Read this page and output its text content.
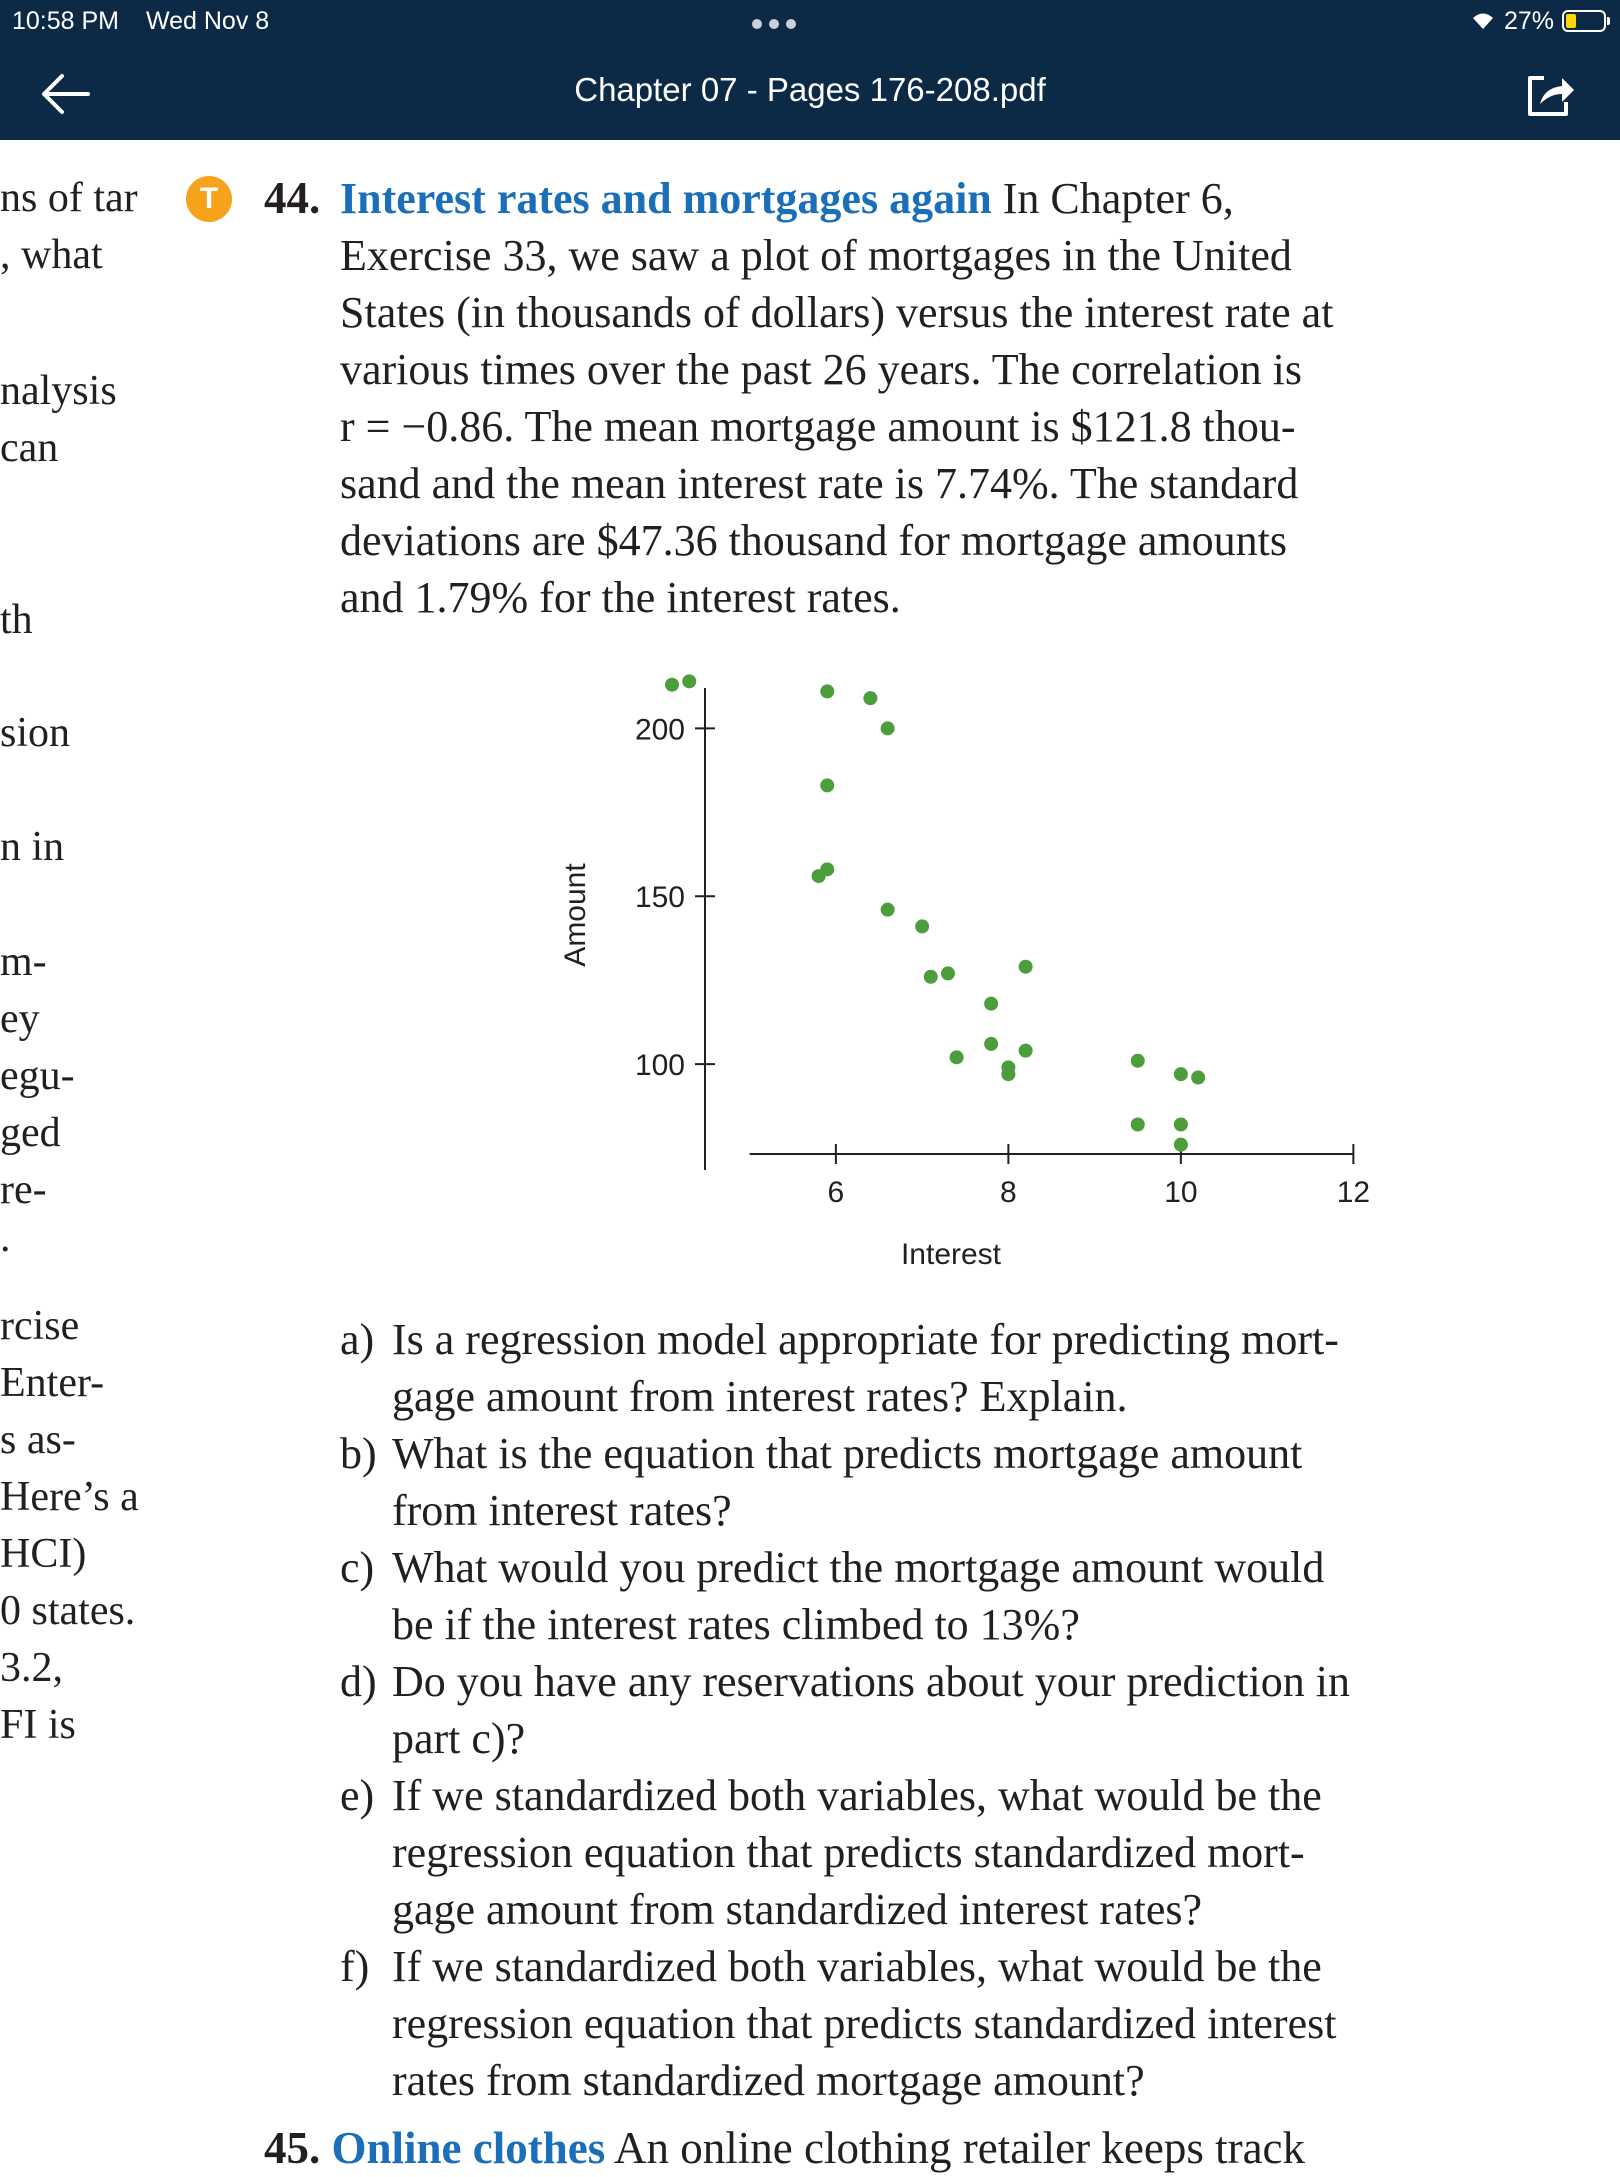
10:58 PM Wed Nov 8	27%
Chapter 07 - Pages 176-208.pdf
ns of tar
, what
nalysis
can
th
sion
n in
m-
ey
egu-
ged
re-
.
rcise
Enter-
s as-
Here’s a
HCI)
0 states.
3.2,
FI is
T	44. Interest rates and mortgages again In Chapter 6,
Exercise 33, we saw a plot of mortgages in the United
States (in thousands of dollars) versus the interest rate at
various times over the past 26 years. The correlation is
r = −0.86. The mean mortgage amount is $121.8 thou-
sand and the mean interest rate is 7.74%. The standard
deviations are $47.36 thousand for mortgage amounts
and 1.79% for the interest rates.
100
150
200
6	8	10	12
Amount
Interest
a) Is a regression model appropriate for predicting mort-
gage amount from interest rates? Explain.
b) What is the equation that predicts mortgage amount
from interest rates?
c) What would you predict the mortgage amount would
be if the interest rates climbed to 13%?
d) Do you have any reservations about your prediction in
part c)?
e) If we standardized both variables, what would be the
regression equation that predicts standardized mort-
gage amount from standardized interest rates?
f) If we standardized both variables, what would be the
regression equation that predicts standardized interest
rates from standardized mortgage amount?
45. Online clothes An online clothing retailer keeps track
